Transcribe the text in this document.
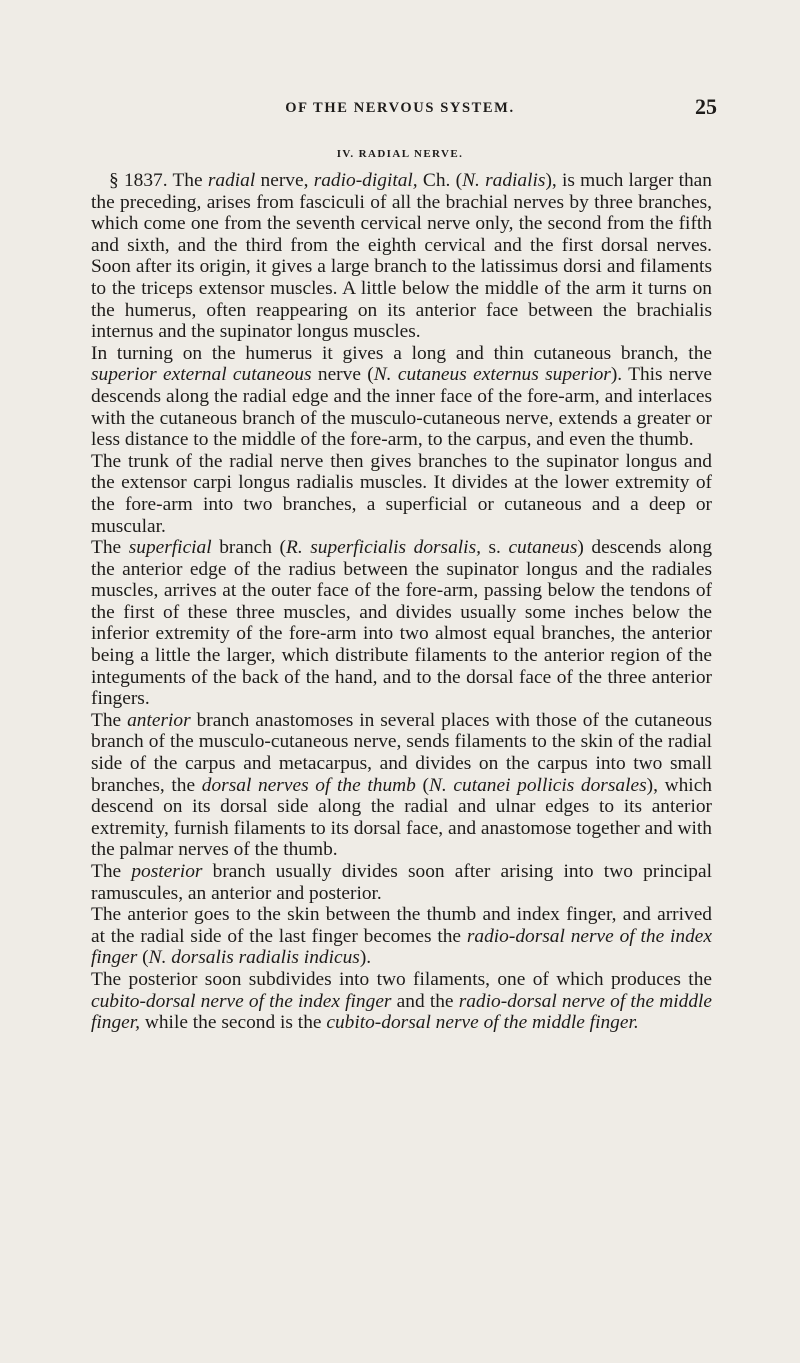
OF THE NERVOUS SYSTEM.	25
IV. RADIAL NERVE.

§ 1837. The radial nerve, radio-digital, Ch. (N. radialis), is much larger than the preceding, arises from fasciculi of all the brachial nerves by three branches, which come one from the seventh cervical nerve only, the second from the fifth and sixth, and the third from the eighth cervical and the first dorsal nerves. Soon after its origin, it gives a large branch to the latissimus dorsi and filaments to the triceps extensor muscles. A little below the middle of the arm it turns on the humerus, often reappearing on its anterior face between the brachialis internus and the supinator longus muscles.

In turning on the humerus it gives a long and thin cutaneous branch, the superior external cutaneous nerve (N. cutaneus externus superior). This nerve descends along the radial edge and the inner face of the fore-arm, and interlaces with the cutaneous branch of the musculo-cutaneous nerve, extends a greater or less distance to the middle of the fore-arm, to the carpus, and even the thumb.

The trunk of the radial nerve then gives branches to the supinator longus and the extensor carpi longus radialis muscles. It divides at the lower extremity of the fore-arm into two branches, a superficial or cutaneous and a deep or muscular.

The superficial branch (R. superficialis dorsalis, s. cutaneus) descends along the anterior edge of the radius between the supinator longus and the radiales muscles, arrives at the outer face of the fore-arm, passing below the tendons of the first of these three muscles, and divides usually some inches below the inferior extremity of the fore-arm into two almost equal branches, the anterior being a little the larger, which distribute filaments to the anterior region of the integuments of the back of the hand, and to the dorsal face of the three anterior fingers.

The anterior branch anastomoses in several places with those of the cutaneous branch of the musculo-cutaneous nerve, sends filaments to the skin of the radial side of the carpus and metacarpus, and divides on the carpus into two small branches, the dorsal nerves of the thumb (N. cutanei pollicis dorsales), which descend on its dorsal side along the radial and ulnar edges to its anterior extremity, furnish filaments to its dorsal face, and anastomose together and with the palmar nerves of the thumb.

The posterior branch usually divides soon after arising into two principal ramuscules, an anterior and posterior.

The anterior goes to the skin between the thumb and index finger, and arrived at the radial side of the last finger becomes the radio-dorsal nerve of the index finger (N. dorsalis radialis indicus).

The posterior soon subdivides into two filaments, one of which produces the cubito-dorsal nerve of the index finger and the radio-dorsal nerve of the middle finger, while the second is the cubito-dorsal nerve of the middle finger.
